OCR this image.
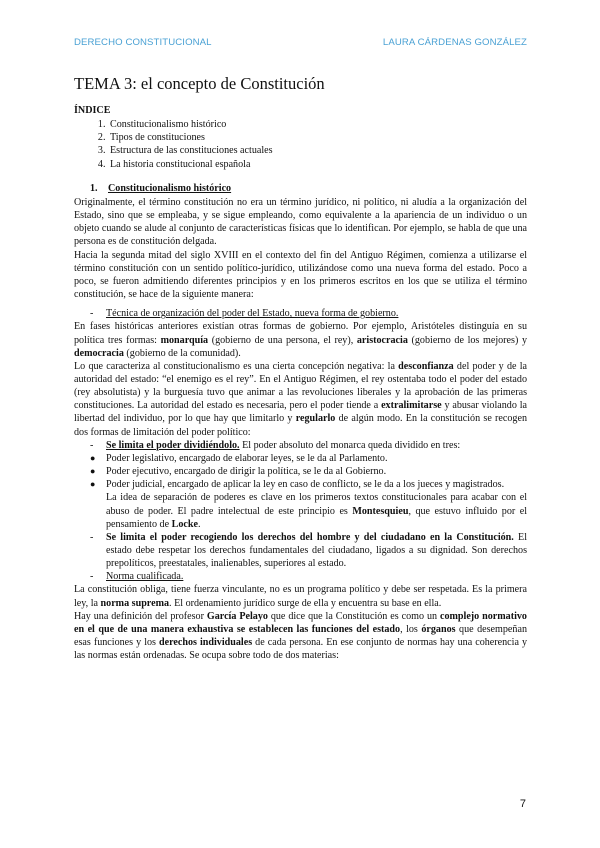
DERECHO CONSTITUCIONAL	LAURA CÁRDENAS GONZÁLEZ
TEMA 3: el concepto de Constitución
ÍNDICE
1. Constitucionalismo histórico
2. Tipos de constituciones
3. Estructura de las constituciones actuales
4. La historia constitucional española
1. Constitucionalismo histórico

Originalmente, el término constitución no era un término jurídico, ni político, ni aludía a la organización del Estado, sino que se empleaba, y se sigue empleando, como equivalente a la apariencia de un individuo o un objeto cuando se alude al conjunto de características físicas que lo identifican. Por ejemplo, se habla de que una persona es de constitución delgada.

Hacia la segunda mitad del siglo XVIII en el contexto del fin del Antiguo Régimen, comienza a utilizarse el término constitución con un sentido político-jurídico, utilizándose como una nueva forma del estado. Poco a poco, se fueron admitiendo diferentes principios y en los primeros escritos en los que se utiliza el término constitución, se hace de la siguiente manera:

-	Técnica de organización del poder del Estado, nueva forma de gobierno.

En fases históricas anteriores existían otras formas de gobierno. Por ejemplo, Aristóteles distinguía en su política tres formas: monarquía (gobierno de una persona, el rey), aristocracia (gobierno de los mejores) y democracia (gobierno de la comunidad).

Lo que caracteriza al constitucionalismo es una cierta concepción negativa: la desconfianza del poder y de la autoridad del estado: “el enemigo es el rey”. En el Antiguo Régimen, el rey ostentaba todo el poder del estado (rey absolutista) y la burguesía tuvo que animar a las revoluciones liberales y la aprobación de las primeras constituciones. La autoridad del estado es necesaria, pero el poder tiende a extralimitarse y abusar violando la libertad del individuo, por lo que hay que limitarlo y regularlo de algún modo. En la constitución se recogen dos formas de limitación del poder político:

-	Se limita el poder dividiéndolo. El poder absoluto del monarca queda dividido en tres:
●	Poder legislativo, encargado de elaborar leyes, se le da al Parlamento.
●	Poder ejecutivo, encargado de dirigir la política, se le da al Gobierno.
●	Poder judicial, encargado de aplicar la ley en caso de conflicto, se le da a los jueces y magistrados.

La idea de separación de poderes es clave en los primeros textos constitucionales para acabar con el abuso de poder. El padre intelectual de este principio es Montesquieu, que estuvo influido por el pensamiento de Locke.

-	Se limita el poder recogiendo los derechos del hombre y del ciudadano en la Constitución. El estado debe respetar los derechos fundamentales del ciudadano, ligados a su dignidad. Son derechos prepolíticos, preestatales, inalienables, superiores al estado.
-	Norma cualificada.

La constitución obliga, tiene fuerza vinculante, no es un programa político y debe ser respetada. Es la primera ley, la norma suprema. El ordenamiento jurídico surge de ella y encuentra su base en ella.

Hay una definición del profesor García Pelayo que dice que la Constitución es como un complejo normativo en el que de una manera exhaustiva se establecen las funciones del estado, los órganos que desempeñan esas funciones y los derechos individuales de cada persona. En ese conjunto de normas hay una coherencia y las normas están ordenadas. Se ocupa sobre todo de dos materias:

7
